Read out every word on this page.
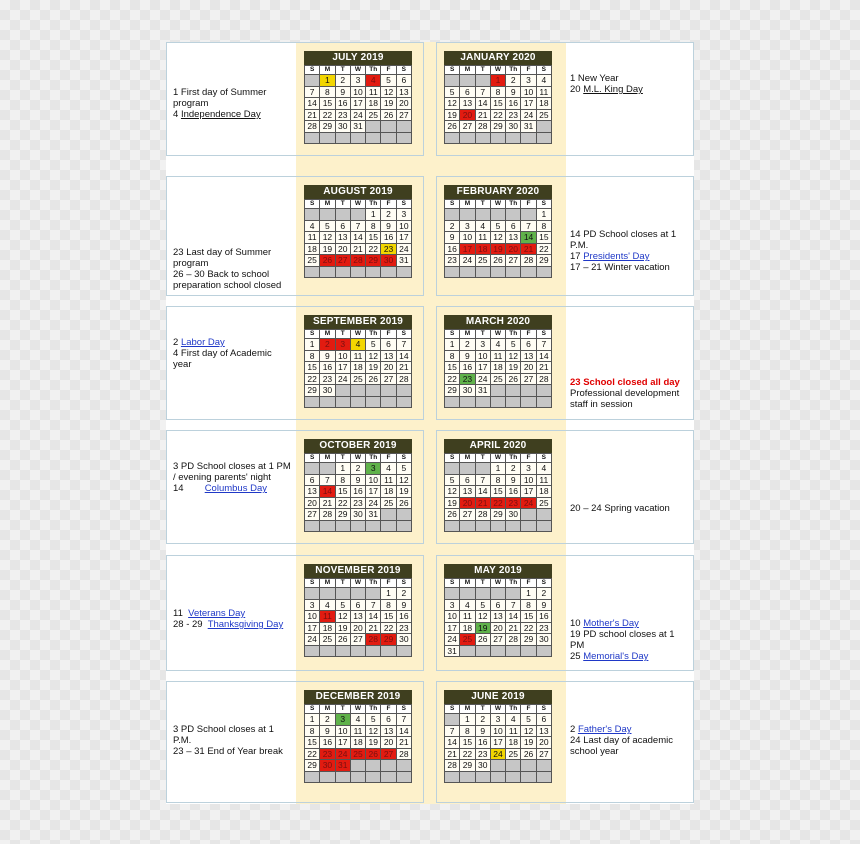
JULY 2019
S	M	T	W	Th	F	S
	1	2	3	4	5	6
7	8	9	10	11	12	13
14	15	16	17	18	19	20
21	22	23	24	25	26	27
28	29	30	31			

1 First day of Summer program
4 Independence Day
JANUARY 2020
S	M	T	W	Th	F	S
			1	2	3	4
5	6	7	8	9	10	11
12	13	14	15	16	17	18
19	20	21	22	23	24	25
26	27	28	29	30	31	

1 New Year
20 M.L. King Day
AUGUST 2019
S	M	T	W	Th	F	S
				1	2	3
4	5	6	7	8	9	10
11	12	13	14	15	16	17
18	19	20	21	22	23	24
25	26	27	28	29	30	31

23 Last day of Summer program
26 – 30 Back to school preparation school closed
FEBRUARY 2020
S	M	T	W	Th	F	S
						1
2	3	4	5	6	7	8
9	10	11	12	13	14	15
16	17	18	19	20	21	22
23	24	25	26	27	28	29

14 PD School closes at 1 P.M.
17 Presidents' Day
17 – 21 Winter vacation
SEPTEMBER 2019
S	M	T	W	Th	F	S
1	2	3	4	5	6	7
8	9	10	11	12	13	14
15	16	17	18	19	20	21
22	23	24	25	26	27	28
29	30					

2 Labor Day
4 First day of Academic year
MARCH 2020
S	M	T	W	Th	F	S
1	2	3	4	5	6	7
8	9	10	11	12	13	14
15	16	17	18	19	20	21
22	23	24	25	26	27	28
29	30	31				

23 School closed all day
Professional development staff in session
OCTOBER 2019
S	M	T	W	Th	F	S
		1	2	3	4	5
6	7	8	9	10	11	12
13	14	15	16	17	18	19
20	21	22	23	24	25	26
27	28	29	30	31		

3 PD School closes at 1 PM / evening parents' night
14        Columbus Day
APRIL 2020
S	M	T	W	Th	F	S
			1	2	3	4
5	6	7	8	9	10	11
12	13	14	15	16	17	18
19	20	21	22	23	24	25
26	27	28	29	30		

20 – 24 Spring vacation
NOVEMBER 2019
S	M	T	W	Th	F	S
					1	2
3	4	5	6	7	8	9
10	11	12	13	14	15	16
17	18	19	20	21	22	23
24	25	26	27	28	29	30

11  Veterans Day
28 - 29  Thanksgiving Day
MAY 2019
S	M	T	W	Th	F	S
					1	2
3	4	5	6	7	8	9
10	11	12	13	14	15	16
17	18	19	20	21	22	23
24	25	26	27	28	29	30
31						
10 Mother's Day
19 PD school closes at 1 PM
25 Memorial's Day
DECEMBER 2019
S	M	T	W	Th	F	S
1	2	3	4	5	6	7
8	9	10	11	12	13	14
15	16	17	18	19	20	21
22	23	24	25	26	27	28
29	30	31				

3 PD School closes at 1 P.M.
23 – 31 End of Year break
JUNE 2019
S	M	T	W	Th	F	S
	1	2	3	4	5	6
7	8	9	10	11	12	13
14	15	16	17	18	19	20
21	22	23	24	25	26	27
28	29	30				

2 Father's Day
24 Last day of academic school year
